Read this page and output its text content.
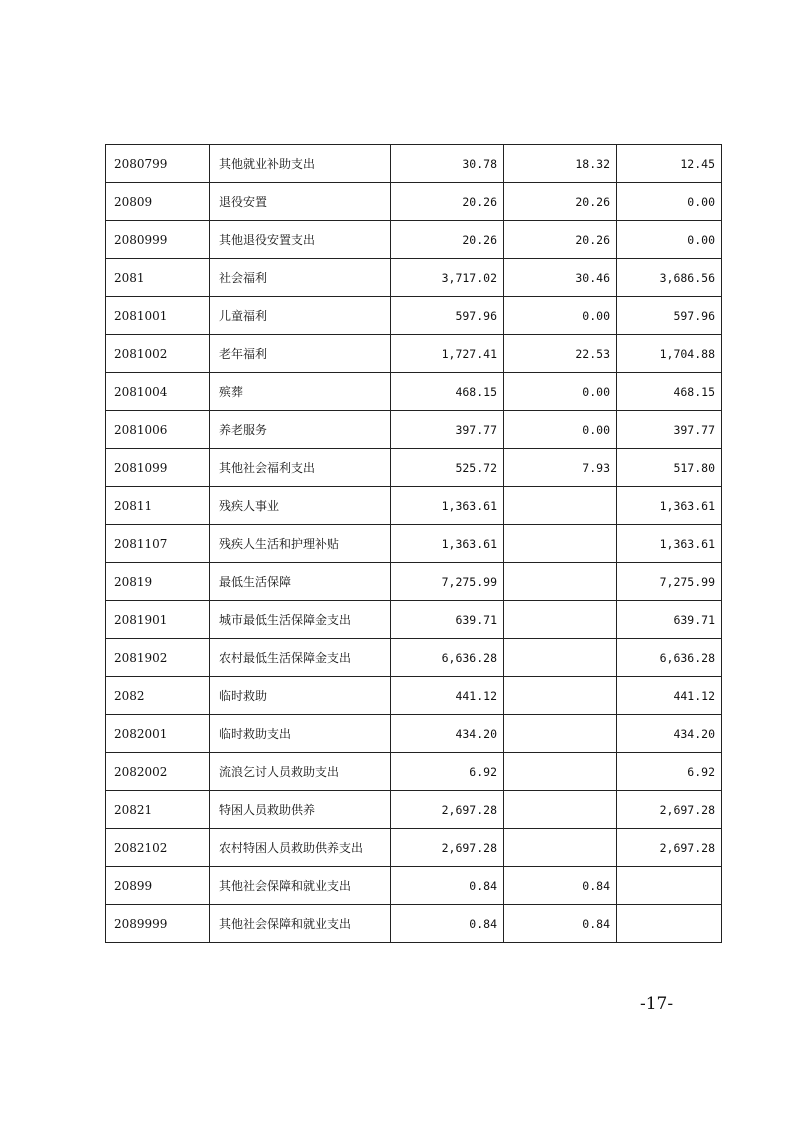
2080799	其他就业补助支出	30.78	18.32	12.45
20809	退役安置	20.26	20.26	0.00
2080999	其他退役安置支出	20.26	20.26	0.00
2081	社会福利	3,717.02	30.46	3,686.56
2081001	儿童福利	597.96	0.00	597.96
2081002	老年福利	1,727.41	22.53	1,704.88
2081004	殡葬	468.15	0.00	468.15
2081006	养老服务	397.77	0.00	397.77
2081099	其他社会福利支出	525.72	7.93	517.80
20811	残疾人事业	1,363.61		1,363.61
2081107	残疾人生活和护理补贴	1,363.61		1,363.61
20819	最低生活保障	7,275.99		7,275.99
2081901	城市最低生活保障金支出	639.71		639.71
2081902	农村最低生活保障金支出	6,636.28		6,636.28
2082	临时救助	441.12		441.12
2082001	临时救助支出	434.20		434.20
2082002	流浪乞讨人员救助支出	6.92		6.92
20821	特困人员救助供养	2,697.28		2,697.28
2082102	农村特困人员救助供养支出	2,697.28		2,697.28
20899	其他社会保障和就业支出	0.84	0.84	
2089999	其他社会保障和就业支出	0.84	0.84	
-17-
